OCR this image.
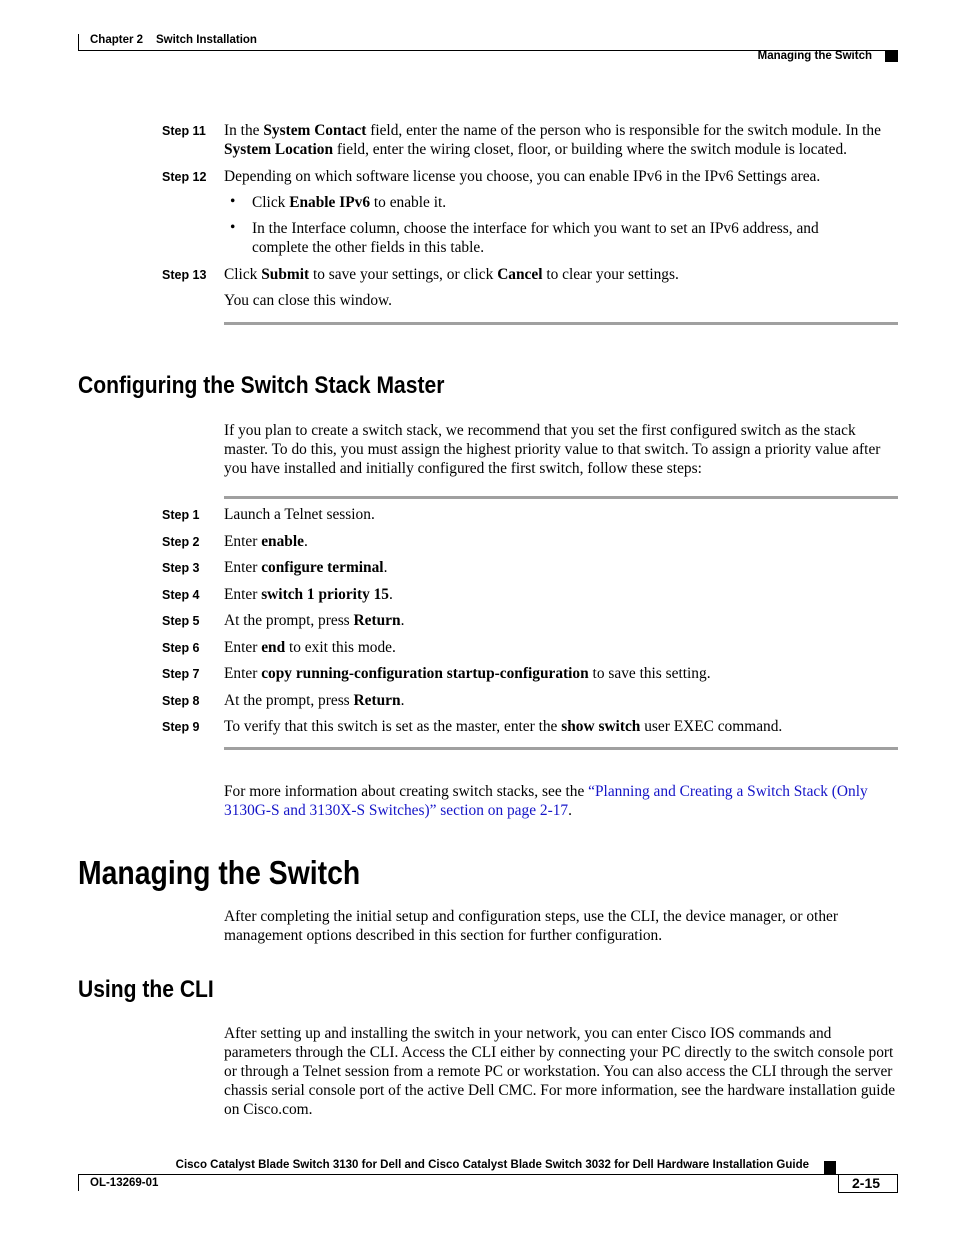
Chapter 2 Switch Installation
Managing the Switch
Step 11 In the System Contact field, enter the name of the person who is responsible for the switch module. In the System Location field, enter the wiring closet, floor, or building where the switch module is located.
Step 12 Depending on which software license you choose, you can enable IPv6 in the IPv6 Settings area.
• Click Enable IPv6 to enable it.
• In the Interface column, choose the interface for which you want to set an IPv6 address, and complete the other fields in this table.
Step 13 Click Submit to save your settings, or click Cancel to clear your settings.
You can close this window.
Configuring the Switch Stack Master
If you plan to create a switch stack, we recommend that you set the first configured switch as the stack master. To do this, you must assign the highest priority value to that switch. To assign a priority value after you have installed and initially configured the first switch, follow these steps:
Step 1 Launch a Telnet session.
Step 2 Enter enable.
Step 3 Enter configure terminal.
Step 4 Enter switch 1 priority 15.
Step 5 At the prompt, press Return.
Step 6 Enter end to exit this mode.
Step 7 Enter copy running-configuration startup-configuration to save this setting.
Step 8 At the prompt, press Return.
Step 9 To verify that this switch is set as the master, enter the show switch user EXEC command.
For more information about creating switch stacks, see the “Planning and Creating a Switch Stack (Only 3130G-S and 3130X-S Switches)” section on page 2-17.
Managing the Switch
After completing the initial setup and configuration steps, use the CLI, the device manager, or other management options described in this section for further configuration.
Using the CLI
After setting up and installing the switch in your network, you can enter Cisco IOS commands and parameters through the CLI. Access the CLI either by connecting your PC directly to the switch console port or through a Telnet session from a remote PC or workstation. You can also access the CLI through the server chassis serial console port of the active Dell CMC. For more information, see the hardware installation guide on Cisco.com.
Cisco Catalyst Blade Switch 3130 for Dell and Cisco Catalyst Blade Switch 3032 for Dell Hardware Installation Guide
OL-13269-01	2-15
